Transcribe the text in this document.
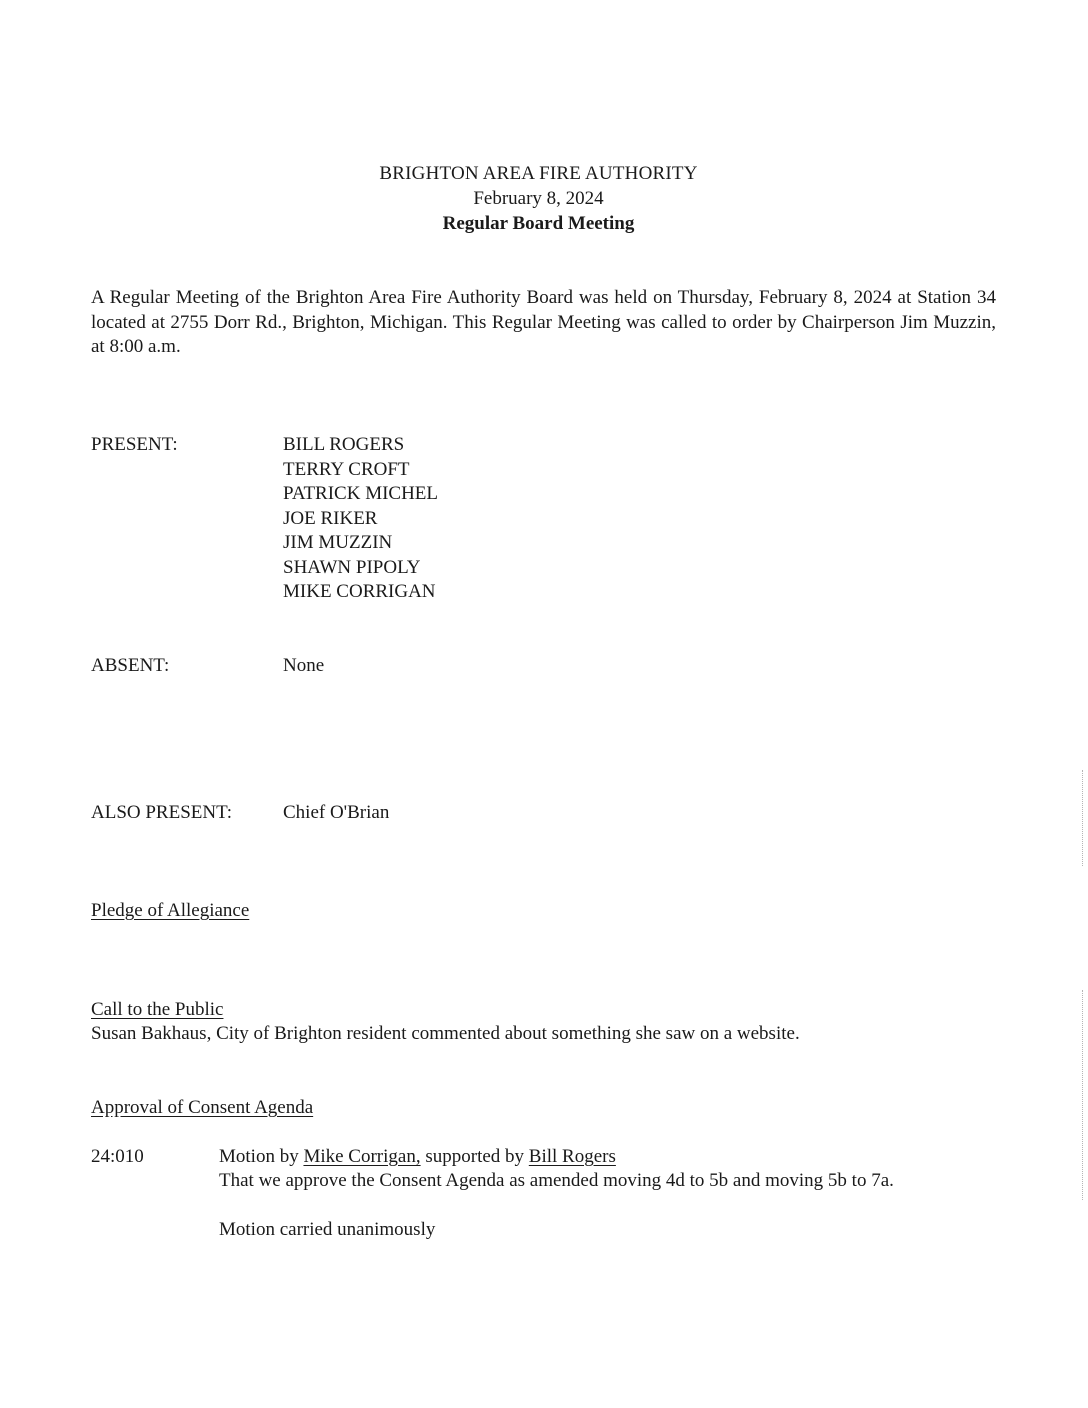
BRIGHTON AREA FIRE AUTHORITY
February 8, 2024
Regular Board Meeting
A Regular Meeting of the Brighton Area Fire Authority Board was held on Thursday, February 8, 2024 at Station 34 located at 2755 Dorr Rd., Brighton, Michigan. This Regular Meeting was called to order by Chairperson Jim Muzzin, at 8:00 a.m.
PRESENT:	BILL ROGERS
TERRY CROFT
PATRICK MICHEL
JOE RIKER
JIM MUZZIN
SHAWN PIPOLY
MIKE CORRIGAN
ABSENT:	None
ALSO PRESENT:	Chief O'Brian
Pledge of Allegiance
Call to the Public
Susan Bakhaus, City of Brighton resident commented about something she saw on a website.
Approval of Consent Agenda
24:010	Motion by Mike Corrigan, supported by Bill Rogers
That we approve the Consent Agenda as amended moving 4d to 5b and moving 5b to 7a.
Motion carried unanimously
